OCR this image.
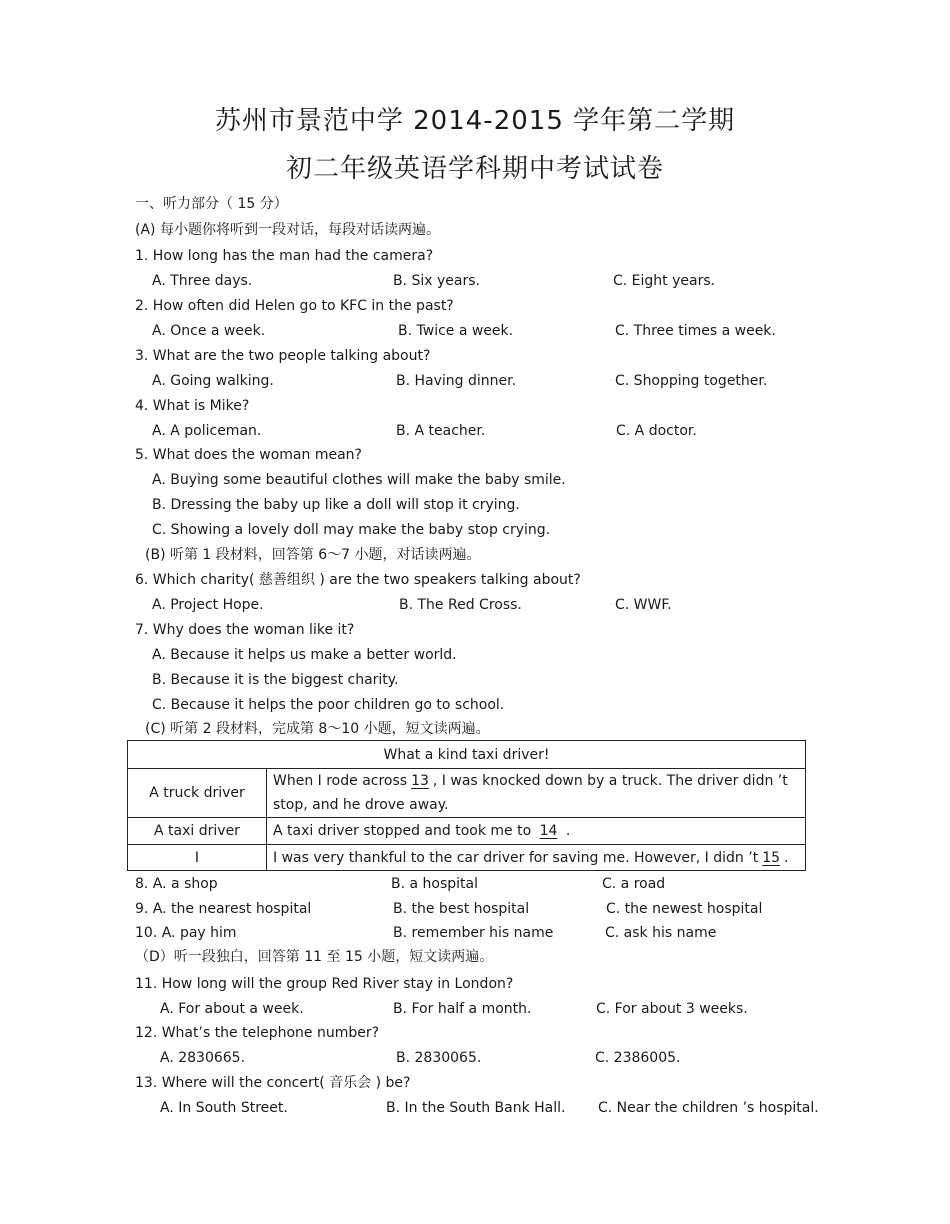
苏州市景范中学 2014-2015 学年第二学期
初二年级英语学科期中考试试卷
一、听力部分（ 15 分）
(A) 每小题你将听到一段对话，每段对话读两遍。
1. How long has the man had the camera?
A. Three days.	B. Six years.	C. Eight years.
2. How often did Helen go to KFC in the past?
A. Once a week.	B. Twice a week.	C. Three times a week.
3. What are the two people talking about?
A. Going walking.	B. Having dinner.	C. Shopping together.
4. What is Mike?
A. A policeman.	B. A teacher.	C. A doctor.
5. What does the woman mean?
A. Buying some beautiful clothes will make the baby smile.
B. Dressing the baby up like a doll will stop it crying.
C. Showing a lovely doll may make the baby stop crying.
(B) 听第 1 段材料，回答第 6～7 小题，对话读两遍。
6. Which charity( 慈善组织 ) are the two speakers talking about?
A. Project Hope.	B. The Red Cross.	C. WWF.
7. Why does the woman like it?
A. Because it helps us make a better world.
B. Because it is the biggest charity.
C. Because it helps the poor children go to school.
(C) 听第 2 段材料，完成第 8～10 小题，短文读两遍。
What a kind taxi driver!	
A truck driver	When I rode across13, I was knocked down by a truck. The driver didn ’t stop, and he drove away.
A taxi driver	A taxi driver stopped and took me to 14 .
I	I was very thankful to the car driver for saving me. However, I didn ’t15.
8. A. a shop	B. a hospital	C. a road
9. A. the nearest hospital	B. the best hospital	C. the newest hospital
10. A. pay him	B. remember his name	C. ask his name
（D）听一段独白，回答第 11 至 15 小题，短文读两遍。
11. How long will the group Red River stay in London?
A. For about a week.	B. For half a month.	C. For about 3 weeks.
12. What’s the telephone number?
A. 2830665.	B. 2830065.	C. 2386005.
13. Where will the concert( 音乐会 ) be?
A. In South Street.	B. In the South Bank Hall. C. Near the children ’s hospital.
